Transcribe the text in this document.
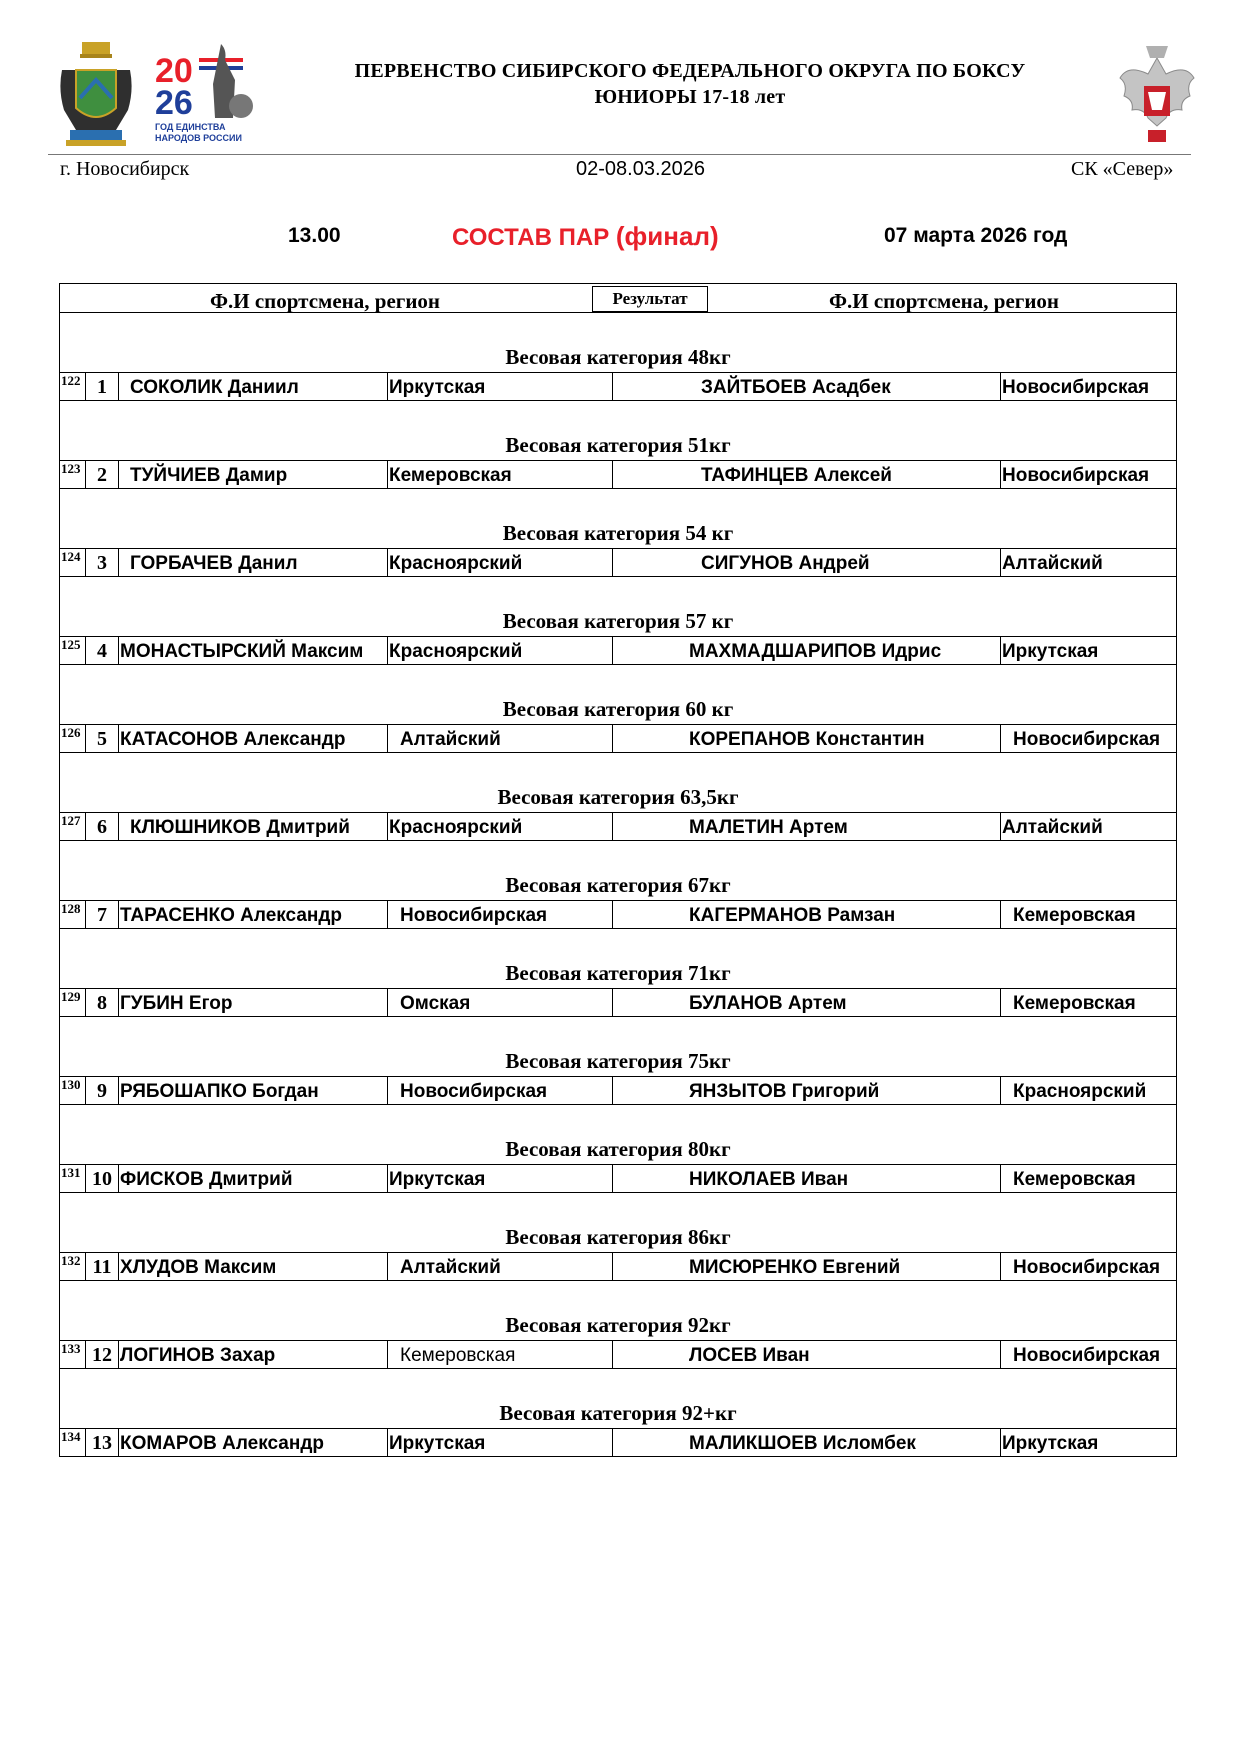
20
26
ГОД ЕДИНСТВА
НАРОДОВ РОССИИ
ПЕРВЕНСТВО СИБИРСКОГО ФЕДЕРАЛЬНОГО ОКРУГА ПО БОКСУ
ЮНИОРЫ 17-18 лет
г. Новосибирск	02-08.03.2026	СК «Север»
13.00	СОСТАВ ПАР (финал)	07 марта 2026 год
Ф.И спортсмена, регион	Результат	Ф.И спортсмена, регион
Весовая категория 48кг
122 1	СОКОЛИК Даниил	Иркутская	ЗАЙТБОЕВ Асадбек	Новосибирская
Весовая категория 51кг
123 2	ТУЙЧИЕВ Дамир	Кемеровская	ТАФИНЦЕВ Алексей	Новосибирская
Весовая категория 54 кг
124 3	ГОРБАЧЕВ Данил	Красноярский	СИГУНОВ Андрей	Алтайский
Весовая категория 57 кг
125 4 МОНАСТЫРСКИЙ Максим	Красноярский	МАХМАДШАРИПОВ Идрис	Иркутская
Весовая категория 60 кг
126 5 КАТАСОНОВ Александр	Алтайский	КОРЕПАНОВ Константин	Новосибирская
Весовая категория 63,5кг
127 6	КЛЮШНИКОВ Дмитрий	Красноярский	МАЛЕТИН Артем	Алтайский
Весовая категория 67кг
128 7 ТАРАСЕНКО Александр	Новосибирская	КАГЕРМАНОВ Рамзан	Кемеровская
Весовая категория 71кг
129 8 ГУБИН Егор	Омская	БУЛАНОВ Артем	Кемеровская
Весовая категория 75кг
130 9 РЯБОШАПКО Богдан	Новосибирская	ЯНЗЫТОВ Григорий	Красноярский
Весовая категория 80кг
131 10 ФИСКОВ Дмитрий	Иркутская	НИКОЛАЕВ Иван	Кемеровская
Весовая категория 86кг
132 11 ХЛУДОВ Максим	Алтайский	МИСЮРЕНКО Евгений	Новосибирская
Весовая категория 92кг
133 12 ЛОГИНОВ Захар	Кемеровская	ЛОСЕВ Иван	Новосибирская
Весовая категория 92+кг
134 13 КОМАРОВ Александр	Иркутская	МАЛИКШОЕВ Исломбек	Иркутская
